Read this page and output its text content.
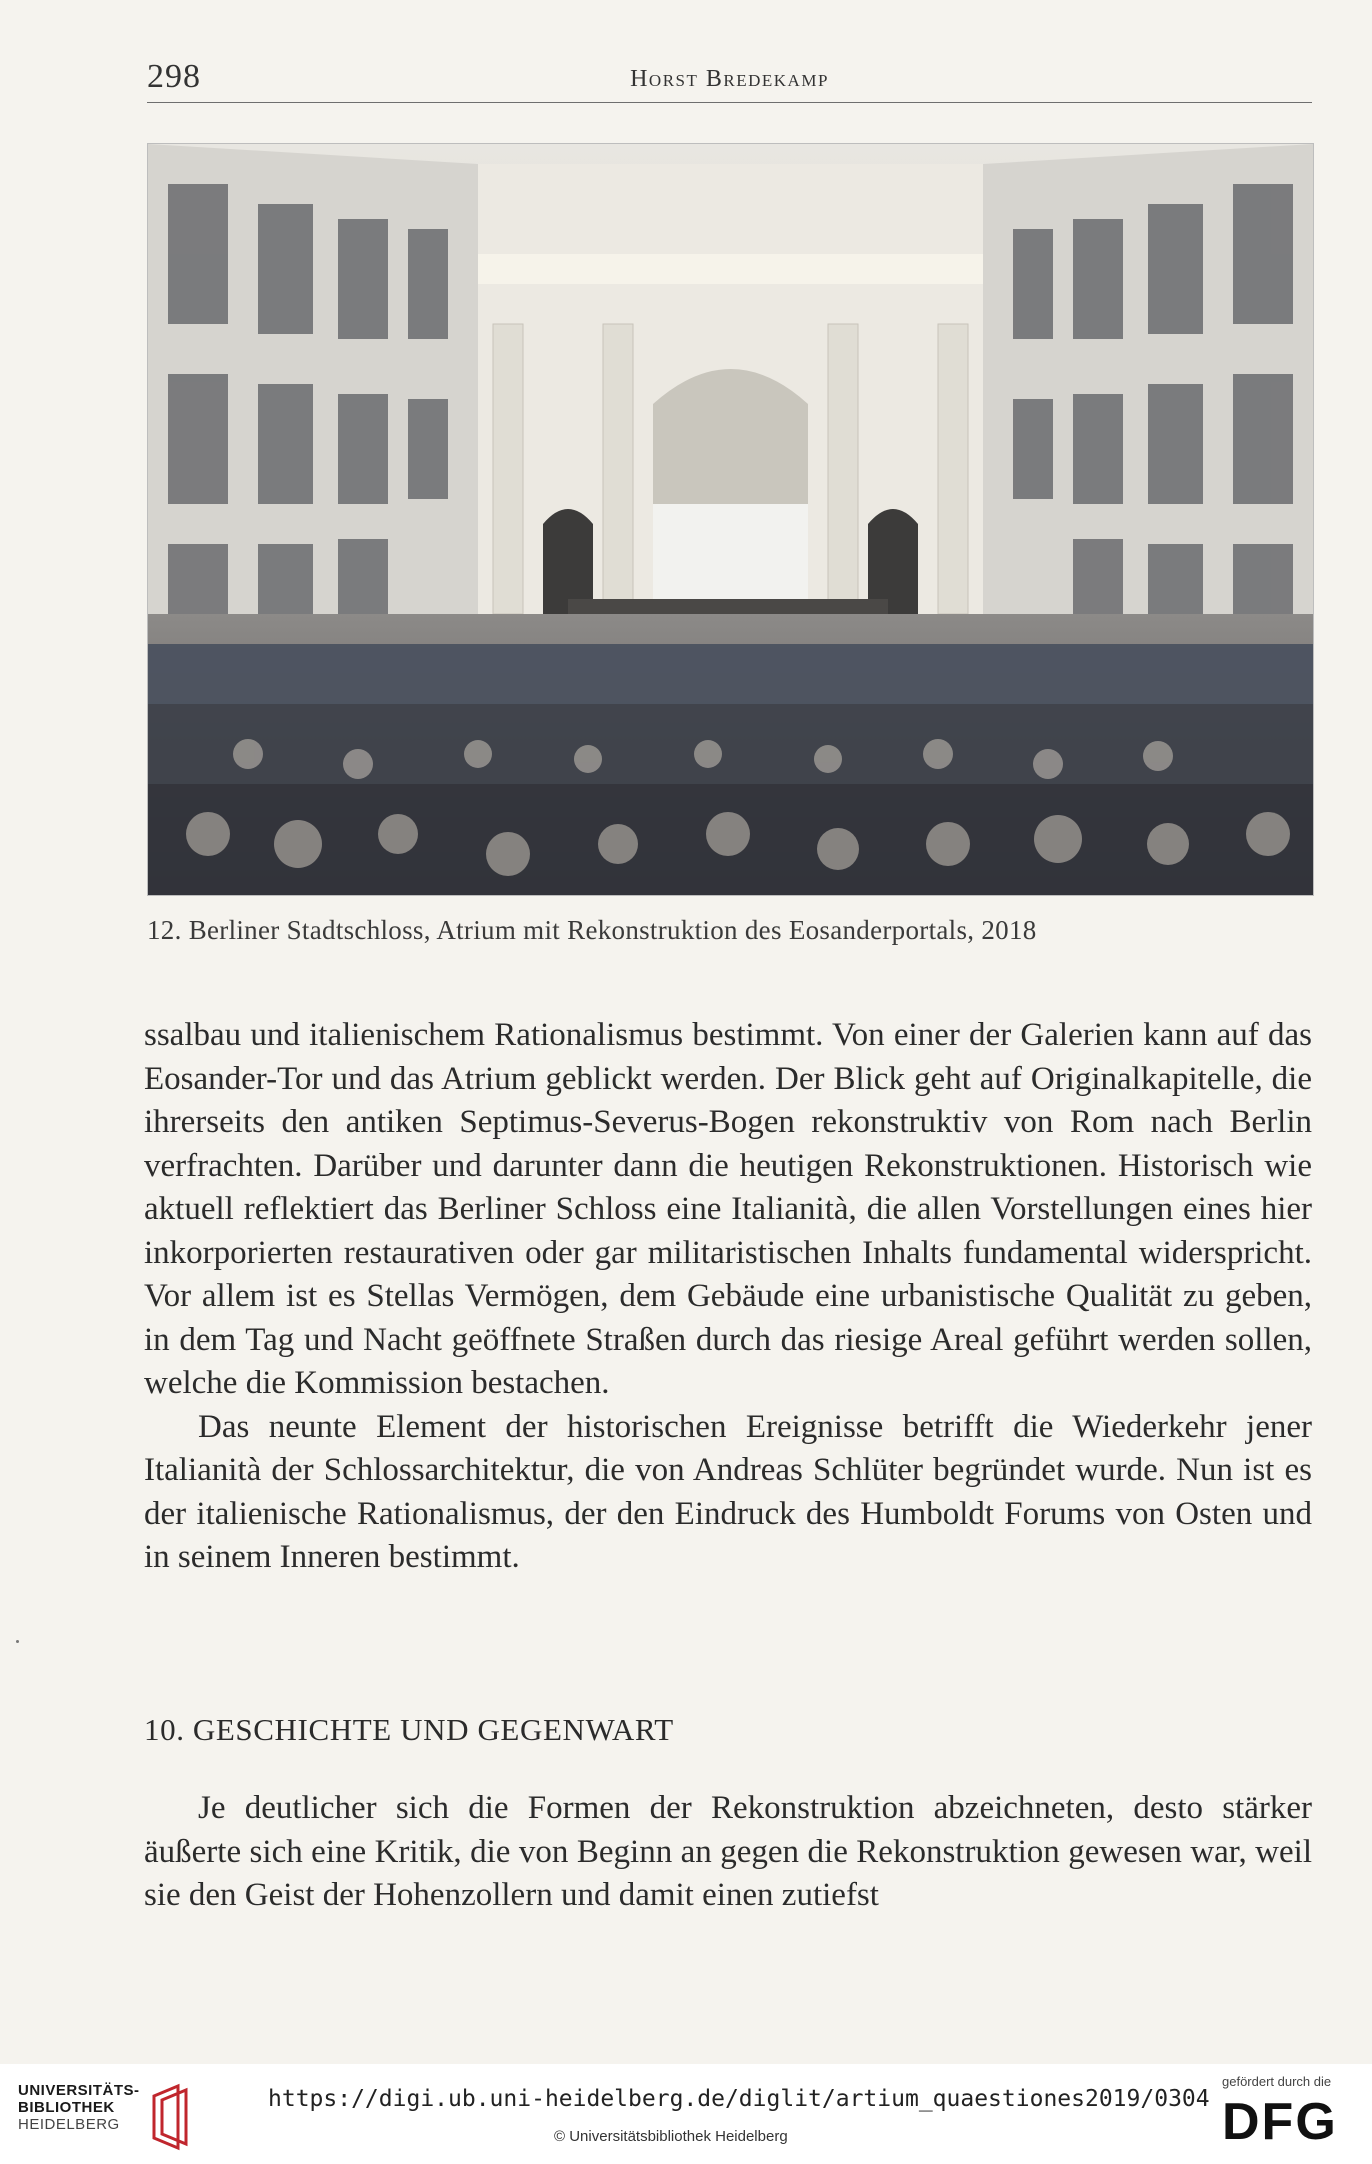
298	Horst Bredekamp
12. Berliner Stadtschloss, Atrium mit Rekonstruktion des Eosanderportals, 2018

ssalbau und italienischem Rationalismus bestimmt. Von einer der Galerien kann auf das Eosander-Tor und das Atrium geblickt werden. Der Blick geht auf Originalkapitelle, die ihrerseits den antiken Septimus-Severus-Bogen rekonstruktiv von Rom nach Berlin verfrachten. Darüber und darunter dann die heutigen Rekonstruktionen. Historisch wie aktuell reflektiert das Berliner Schloss eine Italianità, die allen Vorstellungen eines hier inkorporierten restaurativen oder gar militaristischen Inhalts fundamental widerspricht. Vor allem ist es Stellas Vermögen, dem Gebäude eine urbanistische Qualität zu geben, in dem Tag und Nacht geöffnete Straßen durch das riesige Areal geführt werden sollen, welche die Kommission bestachen.

Das neunte Element der historischen Ereignisse betrifft die Wiederkehr jener Italianità der Schlossarchitektur, die von Andreas Schlüter begründet wurde. Nun ist es der italienische Rationalismus, der den Eindruck des Humboldt Forums von Osten und in seinem Inneren bestimmt.

10. GESCHICHTE UND GEGENWART

Je deutlicher sich die Formen der Rekonstruktion abzeichneten, desto stärker äußerte sich eine Kritik, die von Beginn an gegen die Rekonstruktion gewesen war, weil sie den Geist der Hohenzollern und damit einen zutiefst

UNIVERSITÄTS-
BIBLIOTHEK
HEIDELBERG
https://digi.ub.uni-heidelberg.de/diglit/artium_quaestiones2019/0304
© Universitätsbibliothek Heidelberg
gefördert durch die
DFG
